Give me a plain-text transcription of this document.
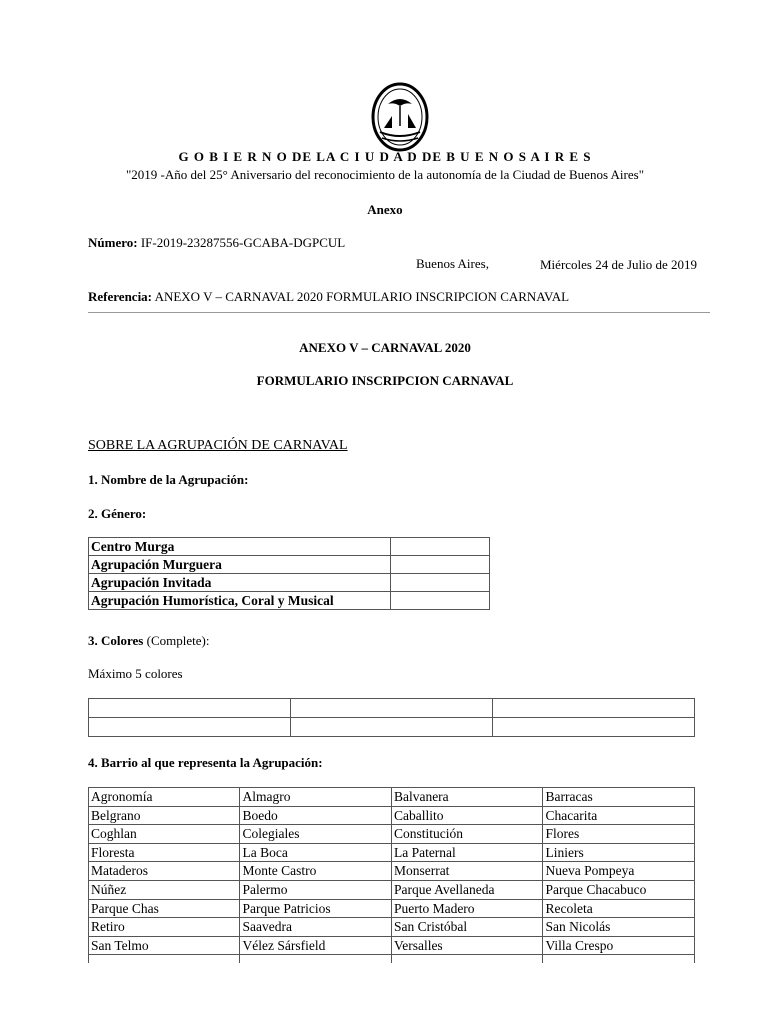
G O B I E R N O DE LA C I U D A D DE B U E N O S A I R E S
"2019 -Año del 25° Aniversario del reconocimiento de la autonomía de la Ciudad de Buenos Aires"
Anexo
Número: IF-2019-23287556-GCABA-DGPCUL
Buenos Aires,	Miércoles 24 de Julio de 2019
Referencia: ANEXO V – CARNAVAL 2020 FORMULARIO INSCRIPCION CARNAVAL
ANEXO V – CARNAVAL 2020
FORMULARIO INSCRIPCION CARNAVAL
SOBRE LA AGRUPACIÓN DE CARNAVAL
1. Nombre de la Agrupación:
2. Género:
Centro Murga	
Agrupación Murguera	
Agrupación Invitada	
Agrupación Humorística, Coral y Musical	
3. Colores (Complete):
Máximo 5 colores

4. Barrio al que representa la Agrupación:
Agronomía	Almagro	Balvanera	Barracas
Belgrano	Boedo	Caballito	Chacarita
Coghlan	Colegiales	Constitución	Flores
Floresta	La Boca	La Paternal	Liniers
Mataderos	Monte Castro	Monserrat	Nueva Pompeya
Núñez	Palermo	Parque Avellaneda	Parque Chacabuco
Parque Chas	Parque Patricios	Puerto Madero	Recoleta
Retiro	Saavedra	San Cristóbal	San Nicolás
San Telmo	Vélez Sársfield	Versalles	Villa Crespo
